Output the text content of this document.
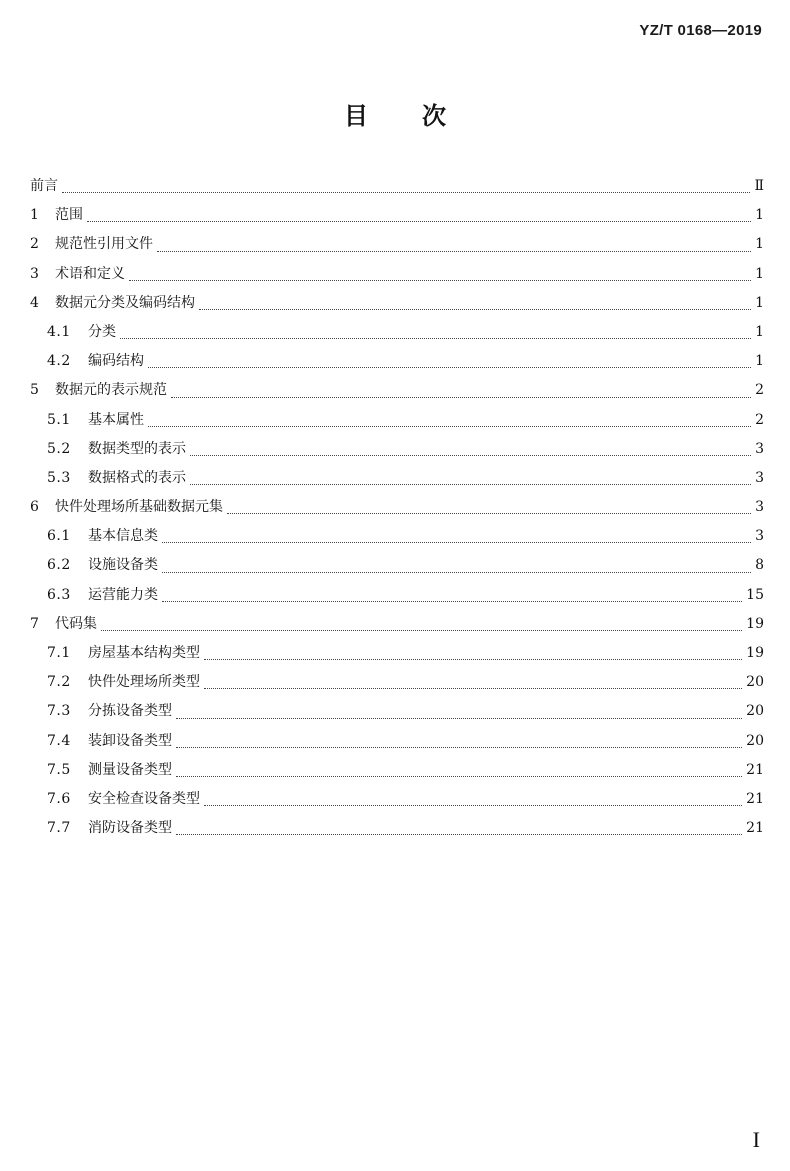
YZ/T 0168—2019
目 次
前言	Ⅱ
1	范围	1
2	规范性引用文件	1
3	术语和定义	1
4	数据元分类及编码结构	1
4.1	分类	1
4.2	编码结构	1
5	数据元的表示规范	2
5.1	基本属性	2
5.2	数据类型的表示	3
5.3	数据格式的表示	3
6	快件处理场所基础数据元集	3
6.1	基本信息类	3
6.2	设施设备类	8
6.3	运营能力类	15
7	代码集	19
7.1	房屋基本结构类型	19
7.2	快件处理场所类型	20
7.3	分拣设备类型	20
7.4	装卸设备类型	20
7.5	测量设备类型	21
7.6	安全检查设备类型	21
7.7	消防设备类型	21
I
